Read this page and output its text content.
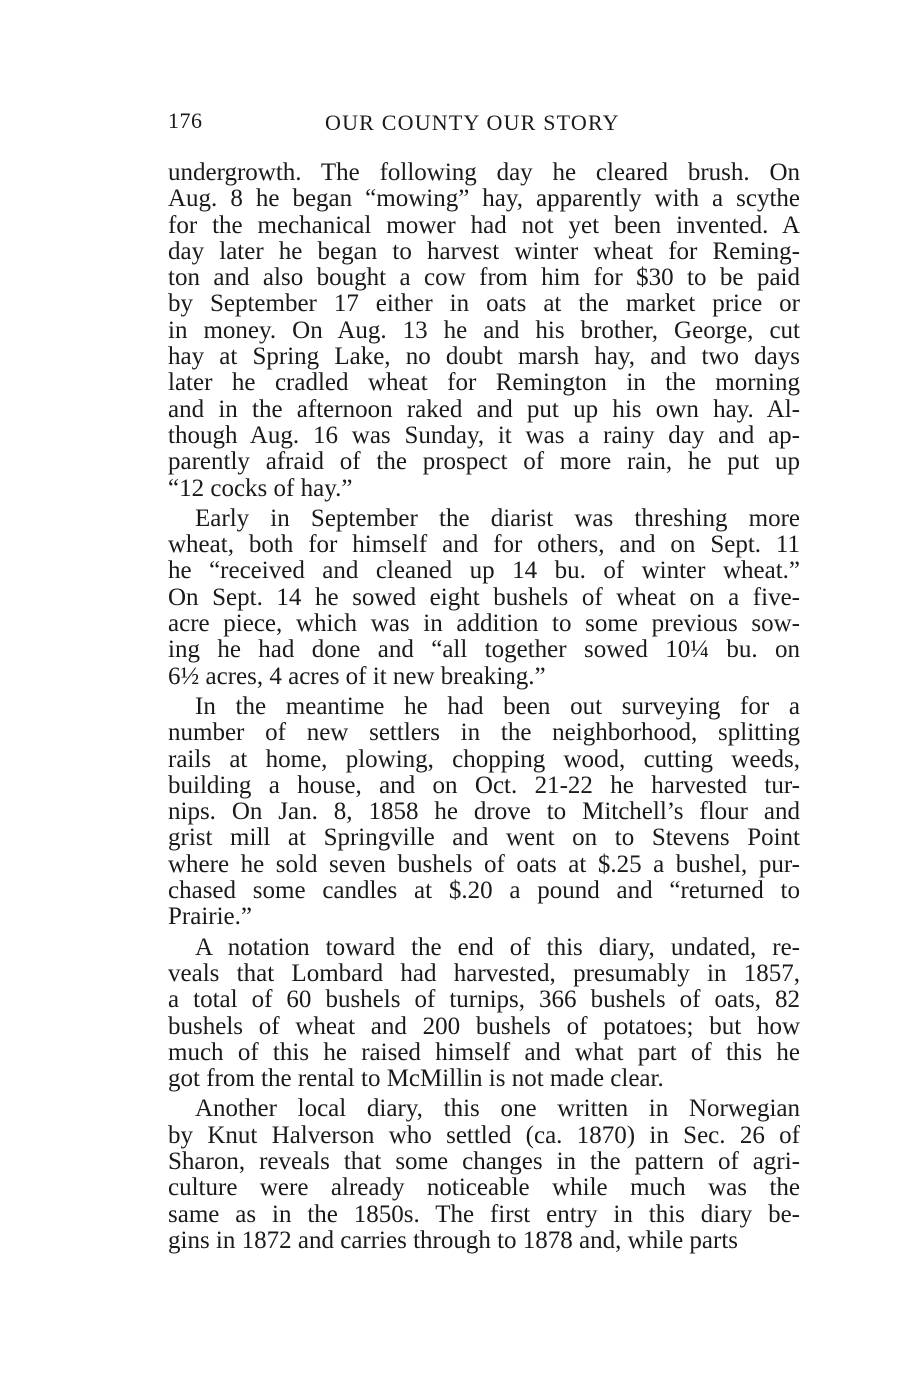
176	OUR COUNTY OUR STORY
undergrowth. The following day he cleared brush. On
Aug. 8 he began “mowing” hay, apparently with a scythe
for the mechanical mower had not yet been invented. A
day later he began to harvest winter wheat for Reming-
ton and also bought a cow from him for $30 to be paid
by September 17 either in oats at the market price or
in money. On Aug. 13 he and his brother, George, cut
hay at Spring Lake, no doubt marsh hay, and two days
later he cradled wheat for Remington in the morning
and in the afternoon raked and put up his own hay. Al-
though Aug. 16 was Sunday, it was a rainy day and ap-
parently afraid of the prospect of more rain, he put up
“12 cocks of hay.”
Early in September the diarist was threshing more
wheat, both for himself and for others, and on Sept. 11
he “received and cleaned up 14 bu. of winter wheat.”
On Sept. 14 he sowed eight bushels of wheat on a five-
acre piece, which was in addition to some previous sow-
ing he had done and “all together sowed 10¼ bu. on
6½ acres, 4 acres of it new breaking.”
In the meantime he had been out surveying for a
number of new settlers in the neighborhood, splitting
rails at home, plowing, chopping wood, cutting weeds,
building a house, and on Oct. 21-22 he harvested tur-
nips. On Jan. 8, 1858 he drove to Mitchell’s flour and
grist mill at Springville and went on to Stevens Point
where he sold seven bushels of oats at $.25 a bushel, pur-
chased some candles at $.20 a pound and “returned to
Prairie.”
A notation toward the end of this diary, undated, re-
veals that Lombard had harvested, presumably in 1857,
a total of 60 bushels of turnips, 366 bushels of oats, 82
bushels of wheat and 200 bushels of potatoes; but how
much of this he raised himself and what part of this he
got from the rental to McMillin is not made clear.
Another local diary, this one written in Norwegian
by Knut Halverson who settled (ca. 1870) in Sec. 26 of
Sharon, reveals that some changes in the pattern of agri-
culture were already noticeable while much was the
same as in the 1850s. The first entry in this diary be-
gins in 1872 and carries through to 1878 and, while parts
